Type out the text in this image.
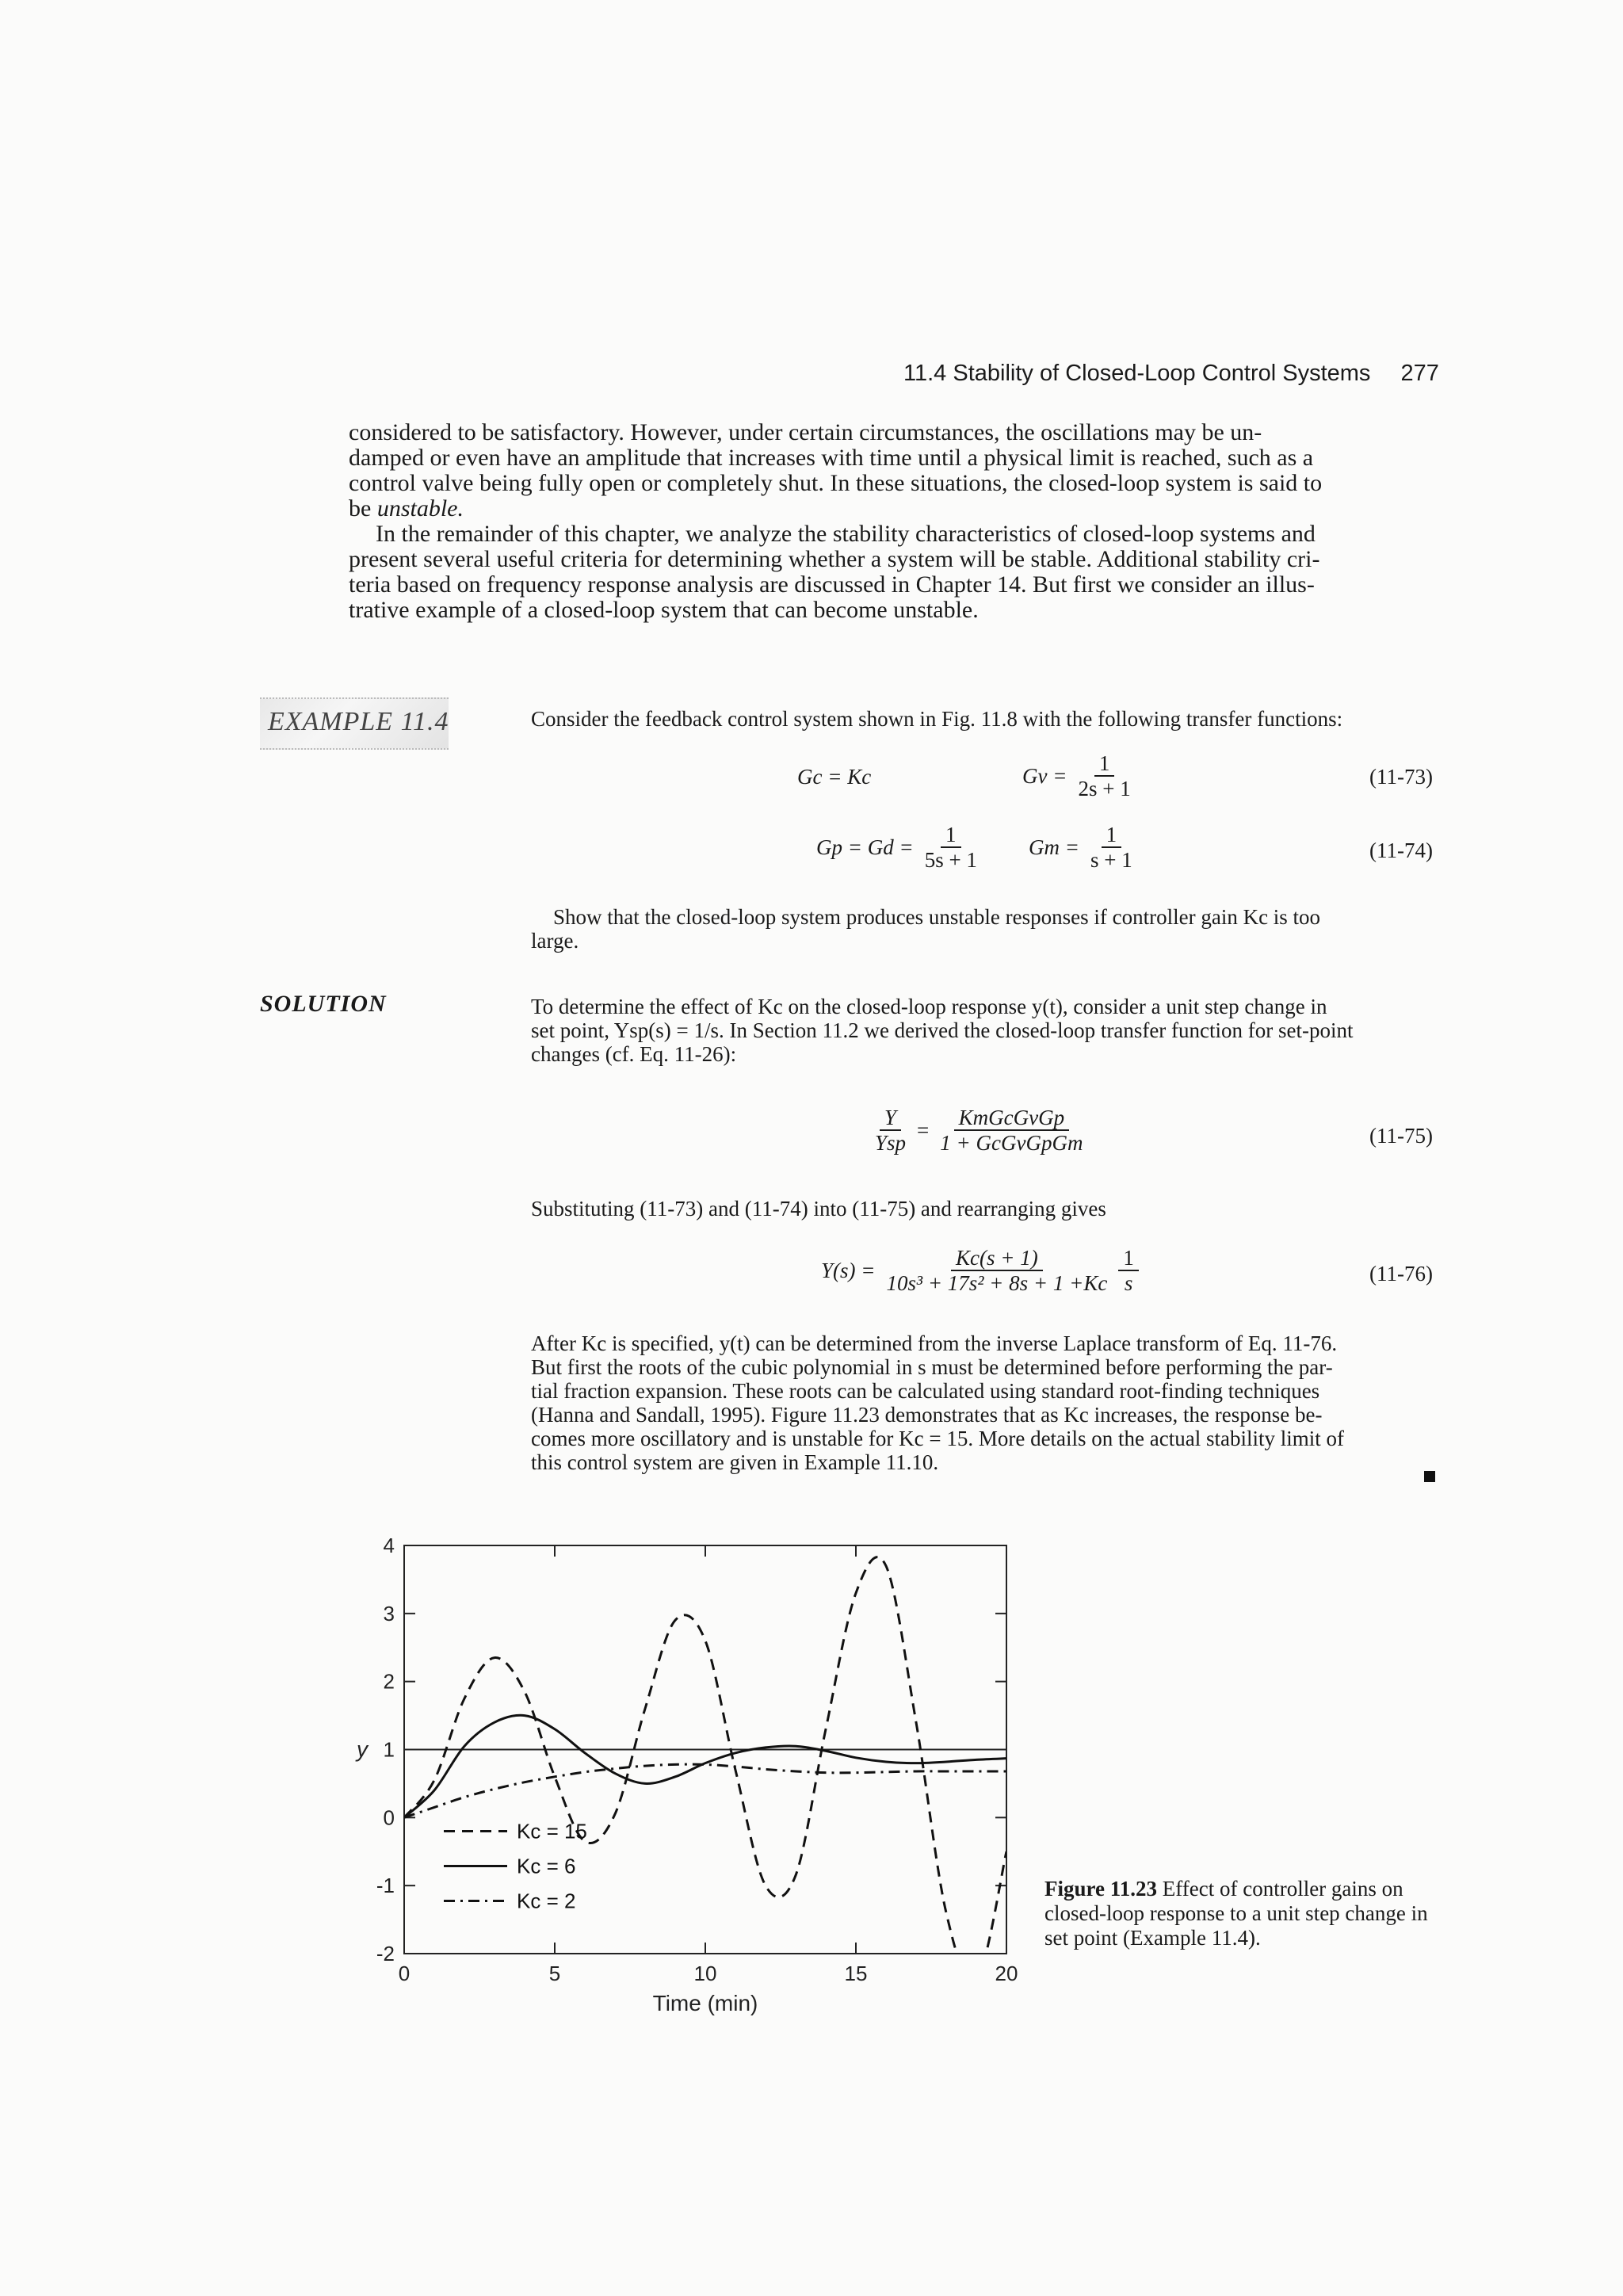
11.4 Stability of Closed-Loop Control Systems 277

considered to be satisfactory. However, under certain circumstances, the oscillations may be un-

damped or even have an amplitude that increases with time until a physical limit is reached, such as a

control valve being fully open or completely shut. In these situations, the closed-loop system is said to

be unstable.

In the remainder of this chapter, we analyze the stability characteristics of closed-loop systems and

present several useful criteria for determining whether a system will be stable. Additional stability cri-

teria based on frequency response analysis are discussed in Chapter 14. But first we consider an illus-

trative example of a closed-loop system that can become unstable.

EXAMPLE 11.4	Consider the feedback control system shown in Fig. 11.8 with the following transfer functions:
Gc = Kc	$Gv = \frac{1}{2s + 1}$	(11-73)
$Gp = Gd = \frac{1}{5s + 1}$ $Gm = \frac{1}{s + 1}$	(11-74)
Show that the closed-loop system produces unstable responses if controller gain Kc is too
large.
SOLUTION	To determine the effect of Kc on the closed-loop response y(t), consider a unit step change in
set point, Ysp(s) = 1/s. In Section 11.2 we derived the closed-loop transfer function for set-point
changes (cf. Eq. 11-26):
$\frac{Y}{\text{Ysp}} = \frac{\text{KmGcGvGp}}{\text{1 + GcGvGpGm}}$	(11-75)
Substituting (11-73) and (11-74) into (11-75) and rearranging gives
$Y(s) = \frac{Kc(s + 1)}{\text{10s³ + 17s² + 8s + 1 +Kc}} \frac{1}{s}$	(11-76)
After Kc is specified, y(t) can be determined from the inverse Laplace transform of Eq. 11-76.
But first the roots of the cubic polynomial in s must be determined before performing the par-
tial fraction expansion. These roots can be calculated using standard root-finding techniques
(Hanna and Sandall, 1995). Figure 11.23 demonstrates that as Kc increases, the response be-
comes more oscillatory and is unstable for Kc = 15. More details on the actual stability limit of
this control system are given in Example 11.10.
-2
-1
0
1
2
3
4
0	5	10	15	20
Time (min)
y
Kc = 15
Kc = 6
Kc = 2
Figure 11.23 Effect of controller gains on closed-loop response to a unit step change in set point (Example 11.4).
